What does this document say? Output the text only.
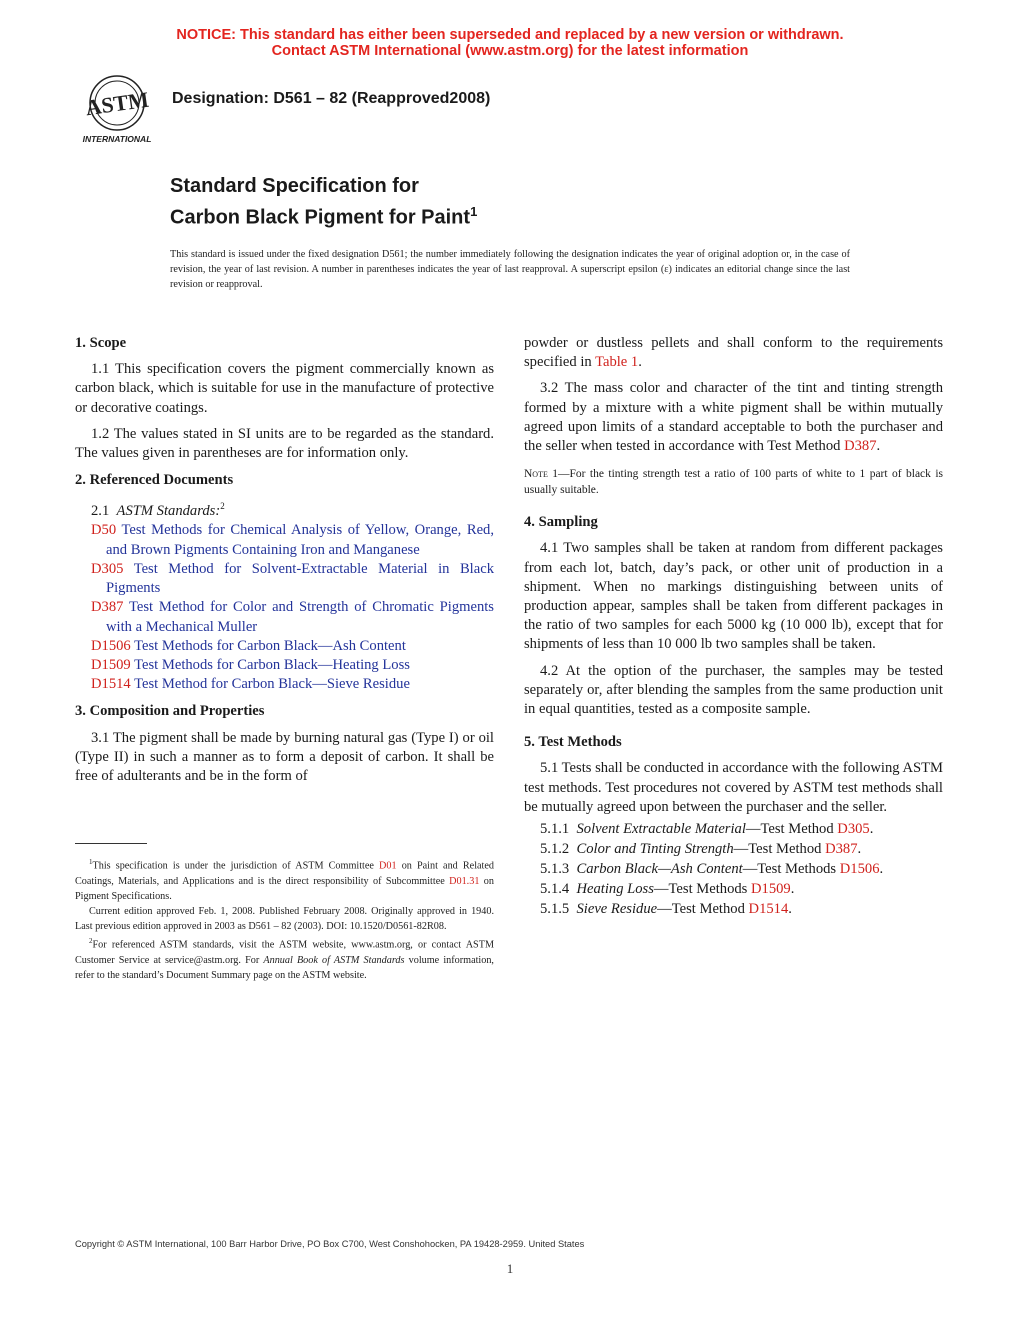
NOTICE: This standard has either been superseded and replaced by a new version or withdrawn.
Contact ASTM International (www.astm.org) for the latest information
ASTM
INTERNATIONAL
Designation: D561 – 82 (Reapproved2008)
Standard Specification for
Carbon Black Pigment for Paint$^1$
This standard is issued under the fixed designation D561; the number immediately following the designation indicates the year of original adoption or, in the case of revision, the year of last revision. A number in parentheses indicates the year of last reapproval. A superscript epsilon (ε) indicates an editorial change since the last revision or reapproval.
1. Scope

1.1 This specification covers the pigment commercially known as carbon black, which is suitable for use in the manufacture of protective or decorative coatings.

1.2 The values stated in SI units are to be regarded as the standard. The values given in parentheses are for information only.

2. Referenced Documents
2.1 ASTM Standards:$^2$
D50 Test Methods for Chemical Analysis of Yellow, Orange, Red, and Brown Pigments Containing Iron and Manganese
D305 Test Method for Solvent-Extractable Material in Black Pigments
D387 Test Method for Color and Strength of Chromatic Pigments with a Mechanical Muller
D1506 Test Methods for Carbon Black—Ash Content
D1509 Test Methods for Carbon Black—Heating Loss
D1514 Test Method for Carbon Black—Sieve Residue
3. Composition and Properties

3.1 The pigment shall be made by burning natural gas (Type I) or oil (Type II) in such a manner as to form a deposit of carbon. It shall be free of adulterants and be in the form of

$^1$This specification is under the jurisdiction of ASTM Committee D01 on Paint and Related Coatings, Materials, and Applications and is the direct responsibility of Subcommittee D01.31 on Pigment Specifications.

Current edition approved Feb. 1, 2008. Published February 2008. Originally approved in 1940. Last previous edition approved in 2003 as D561 – 82 (2003). DOI: 10.1520/D0561-82R08.

$^2$For referenced ASTM standards, visit the ASTM website, www.astm.org, or contact ASTM Customer Service at service@astm.org. For Annual Book of ASTM Standards volume information, refer to the standard’s Document Summary page on the ASTM website.

powder or dustless pellets and shall conform to the requirements specified in Table 1.

3.2 The mass color and character of the tint and tinting strength formed by a mixture with a white pigment shall be within mutually agreed upon limits of a standard acceptable to both the purchaser and the seller when tested in accordance with Test Method D387.

Note 1—For the tinting strength test a ratio of 100 parts of white to 1 part of black is usually suitable.
4. Sampling

4.1 Two samples shall be taken at random from different packages from each lot, batch, day’s pack, or other unit of production in a shipment. When no markings distinguishing between units of production appear, samples shall be taken from different packages in the ratio of two samples for each 5000 kg (10 000 lb), except that for shipments of less than 10 000 lb two samples shall be taken.

4.2 At the option of the purchaser, the samples may be tested separately or, after blending the samples from the same production unit in equal quantities, tested as a composite sample.

5. Test Methods

5.1 Tests shall be conducted in accordance with the following ASTM test methods. Test procedures not covered by ASTM test methods shall be mutually agreed upon between the purchaser and the seller.

5.1.1 Solvent Extractable Material—Test Method D305.
5.1.2 Color and Tinting Strength—Test Method D387.
5.1.3 Carbon Black—Ash Content—Test Methods D1506.
5.1.4 Heating Loss—Test Methods D1509.
5.1.5 Sieve Residue—Test Method D1514.
Copyright © ASTM International, 100 Barr Harbor Drive, PO Box C700, West Conshohocken, PA 19428-2959. United States
1
